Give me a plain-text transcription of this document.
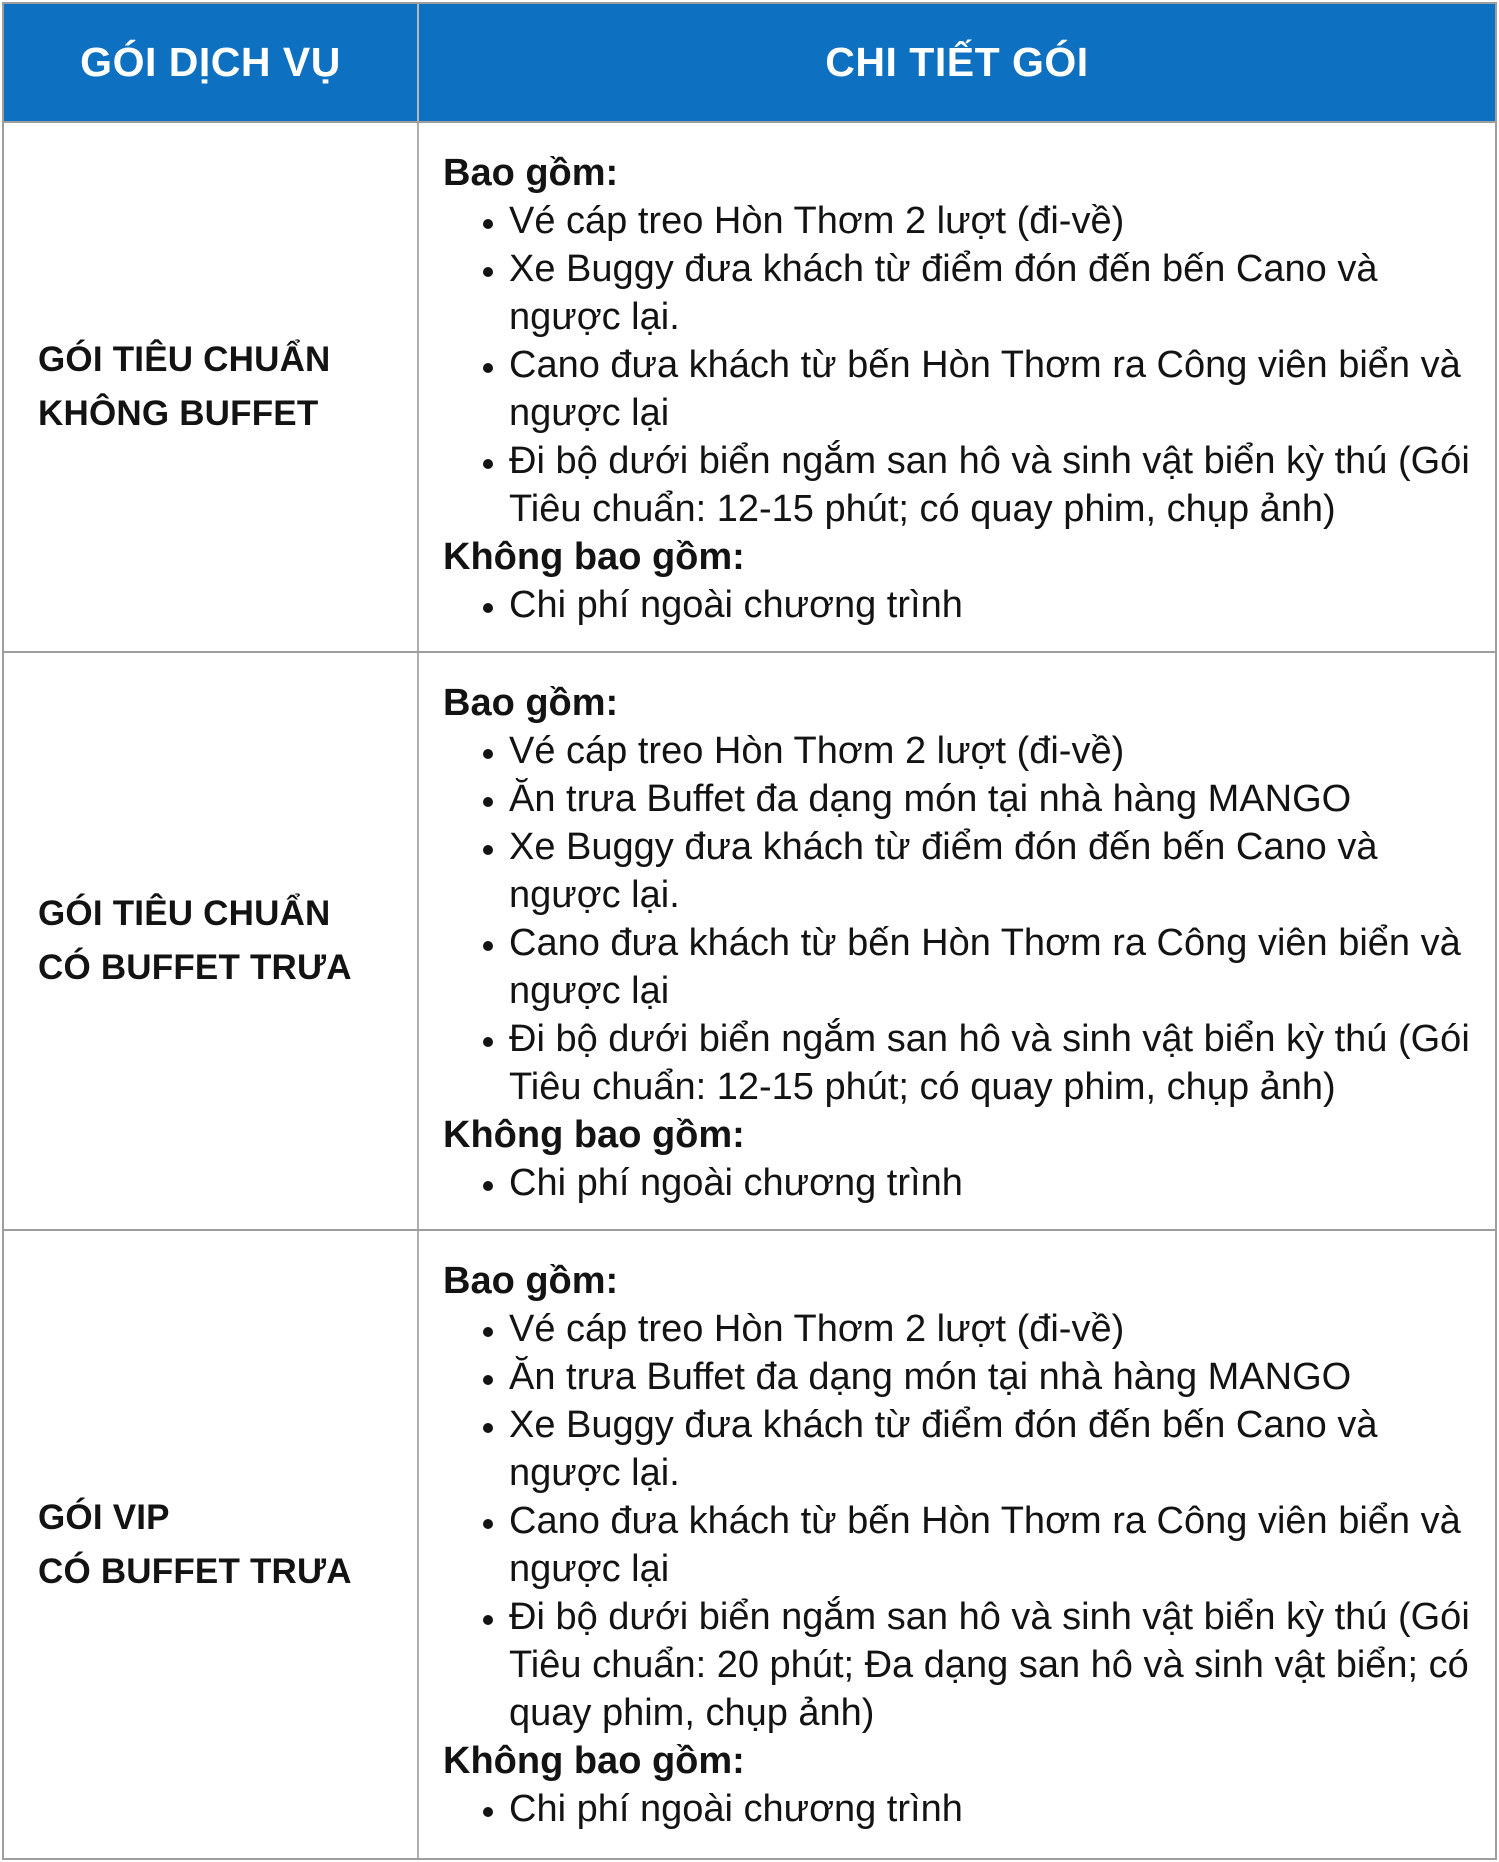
GÓI DỊCH VỤ	CHI TIẾT GÓI
GÓI TIÊU CHUẨN
KHÔNG BUFFET
Bao gồm:
• Vé cáp treo Hòn Thơm 2 lượt (đi-về)
• Xe Buggy đưa khách từ điểm đón đến bến Cano và ngược lại.
• Cano đưa khách từ bến Hòn Thơm ra Công viên biển và ngược lại
• Đi bộ dưới biển ngắm san hô và sinh vật biển kỳ thú (Gói Tiêu chuẩn: 12-15 phút; có quay phim, chụp ảnh)
Không bao gồm:
• Chi phí ngoài chương trình
GÓI TIÊU CHUẨN
CÓ BUFFET TRƯA
Bao gồm:
• Vé cáp treo Hòn Thơm 2 lượt (đi-về)
• Ăn trưa Buffet đa dạng món tại nhà hàng MANGO
• Xe Buggy đưa khách từ điểm đón đến bến Cano và ngược lại.
• Cano đưa khách từ bến Hòn Thơm ra Công viên biển và ngược lại
• Đi bộ dưới biển ngắm san hô và sinh vật biển kỳ thú (Gói Tiêu chuẩn: 12-15 phút; có quay phim, chụp ảnh)
Không bao gồm:
• Chi phí ngoài chương trình
GÓI VIP
CÓ BUFFET TRƯA
Bao gồm:
• Vé cáp treo Hòn Thơm 2 lượt (đi-về)
• Ăn trưa Buffet đa dạng món tại nhà hàng MANGO
• Xe Buggy đưa khách từ điểm đón đến bến Cano và ngược lại.
• Cano đưa khách từ bến Hòn Thơm ra Công viên biển và ngược lại
• Đi bộ dưới biển ngắm san hô và sinh vật biển kỳ thú (Gói Tiêu chuẩn: 20 phút; Đa dạng san hô và sinh vật biển; có quay phim, chụp ảnh)
Không bao gồm:
• Chi phí ngoài chương trình
